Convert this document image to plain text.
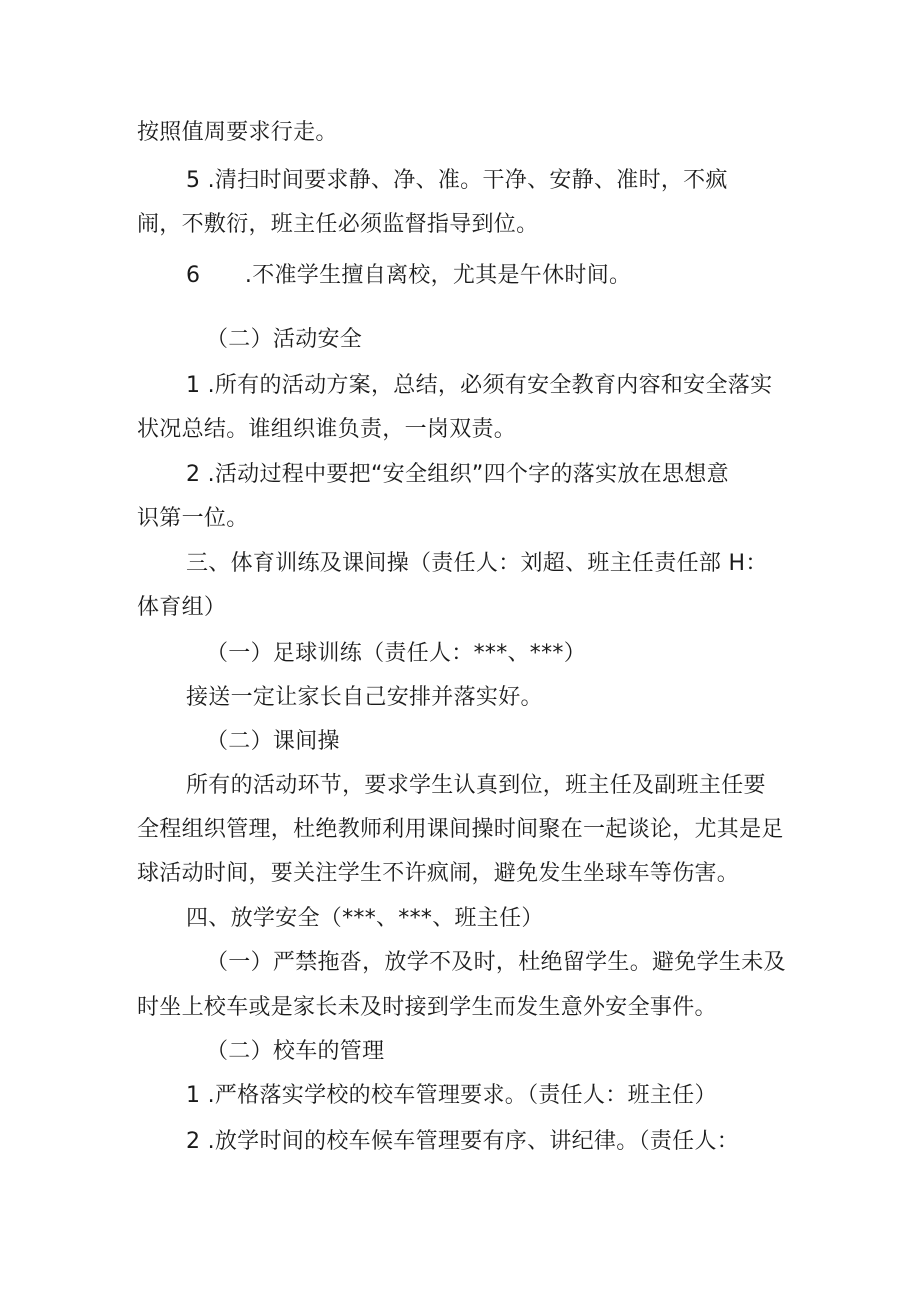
按照值周要求行走。
5 .清扫时间要求静、净、准。干净、安静、准时，不疯
闹，不敷衍，班主任必须监督指导到位。
6　　.不准学生擅自离校，尤其是午休时间。
（二）活动安全
1 .所有的活动方案，总结，必须有安全教育内容和安全落实
状况总结。谁组织谁负责，一岗双责。
2 .活动过程中要把“安全组织”四个字的落实放在思想意
识第一位。
三、体育训练及课间操（责任人：刘超、班主任责任部 H：
体育组）
（一）足球训练（责任人：***、***）
接送一定让家长自己安排并落实好。
（二）课间操
所有的活动环节，要求学生认真到位，班主任及副班主任要
全程组织管理，杜绝教师利用课间操时间聚在一起谈论，尤其是足
球活动时间，要关注学生不许疯闹，避免发生坐球车等伤害。
四、放学安全（***、***、班主任）
（一）严禁拖沓，放学不及时，杜绝留学生。避免学生未及
时坐上校车或是家长未及时接到学生而发生意外安全事件。
（二）校车的管理
1 .严格落实学校的校车管理要求。（责任人：班主任）
2 .放学时间的校车候车管理要有序、讲纪律。（责任人：
